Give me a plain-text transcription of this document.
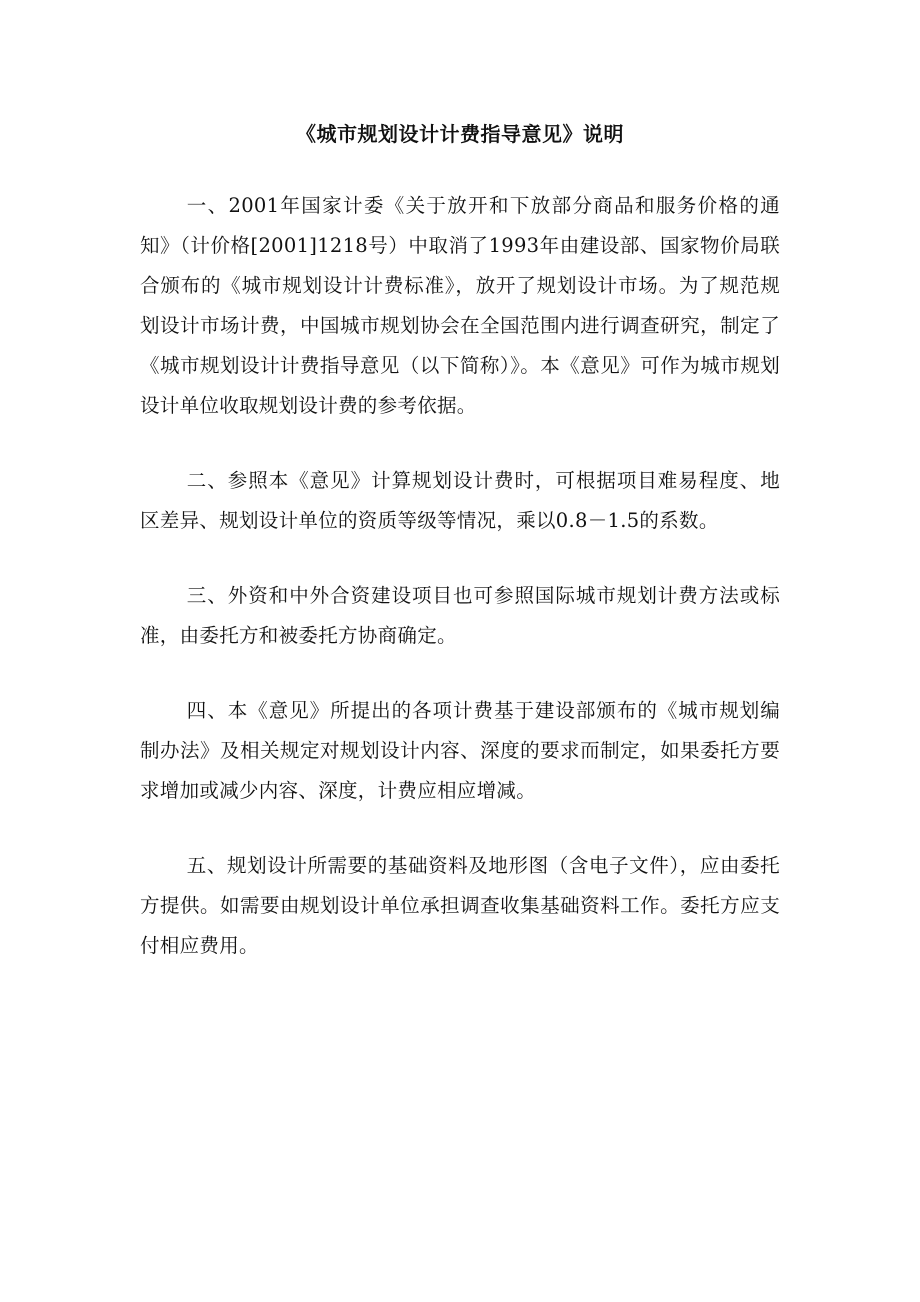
《城市规划设计计费指导意见》说明

一、2001年国家计委《关于放开和下放部分商品和服务价格的通知》（计价格[2001]1218号）中取消了1993年由建设部、国家物价局联合颁布的《城市规划设计计费标准》，放开了规划设计市场。为了规范规划设计市场计费，中国城市规划协会在全国范围内进行调查研究，制定了《城市规划设计计费指导意见（以下简称）》。本《意见》可作为城市规划设计单位收取规划设计费的参考依据。

二、参照本《意见》计算规划设计费时，可根据项目难易程度、地区差异、规划设计单位的资质等级等情况，乘以0.8－1.5的系数。

三、外资和中外合资建设项目也可参照国际城市规划计费方法或标准，由委托方和被委托方协商确定。

四、本《意见》所提出的各项计费基于建设部颁布的《城市规划编制办法》及相关规定对规划设计内容、深度的要求而制定，如果委托方要求增加或减少内容、深度，计费应相应增减。

五、规划设计所需要的基础资料及地形图（含电子文件），应由委托方提供。如需要由规划设计单位承担调查收集基础资料工作。委托方应支付相应费用。
